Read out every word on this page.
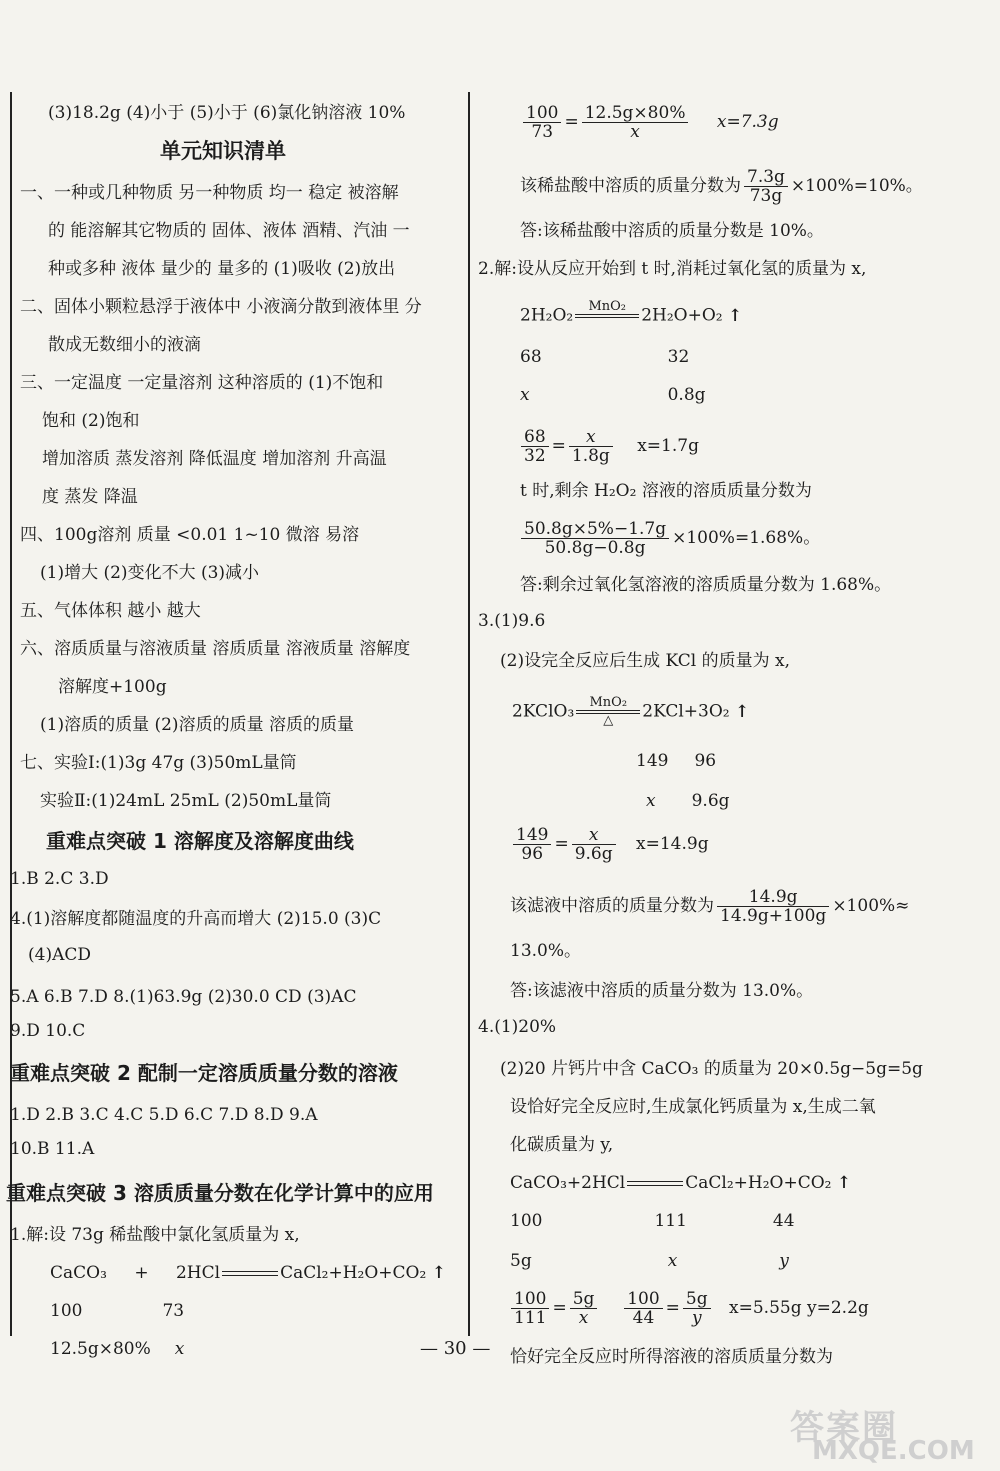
(3)18.2g (4)小于 (5)小于 (6)氯化钠溶液 10%
单元知识清单
一、一种或几种物质 另一种物质 均一 稳定 被溶解
的 能溶解其它物质的 固体、液体 酒精、汽油 一
种或多种 液体 量少的 量多的 (1)吸收 (2)放出
二、固体小颗粒悬浮于液体中 小液滴分散到液体里 分
散成无数细小的液滴
三、一定温度 一定量溶剂 这种溶质的 (1)不饱和
饱和 (2)饱和
增加溶质 蒸发溶剂 降低温度 增加溶剂 升高温
度 蒸发 降温
四、100g溶剂 质量 <0.01 1~10 微溶 易溶
(1)增大 (2)变化不大 (3)减小
五、气体体积 越小 越大
六、溶质质量与溶液质量 溶质质量 溶液质量 溶解度
溶解度+100g
(1)溶质的质量 (2)溶质的质量 溶质的质量
七、实验Ⅰ:(1)3g 47g (3)50mL量筒
实验Ⅱ:(1)24mL 25mL (2)50mL量筒
重难点突破 1 溶解度及溶解度曲线
1.B 2.C 3.D
4.(1)溶解度都随温度的升高而增大 (2)15.0 (3)C
(4)ACD
5.A 6.B 7.D 8.(1)63.9g (2)30.0 CD (3)AC
9.D 10.C
重难点突破 2 配制一定溶质质量分数的溶液
1.D 2.B 3.C 4.C 5.D 6.C 7.D 8.D 9.A
10.B 11.A
重难点突破 3 溶质质量分数在化学计算中的应用
1.解:设 73g 稀盐酸中氯化氢质量为 x,
CaCO₃ + 2HCl	CaCl₂+H₂O+CO₂ ↑
100	73
12.5g×80% x
$\frac{100}{73} = \frac{12.5g\times 80\%}{x} x=7.3g$
该稀盐酸中溶质的质量分数为 $\frac{7.3g}{73g} \times 100\%=10\%$。
答:该稀盐酸中溶质的质量分数是 10%。
2.解:设从反应开始到 t 时,消耗过氧化氢的质量为 x,
2H₂O₂	MnO₂ 2H₂O+O₂ ↑
68	32
x	0.8g
$\frac{68}{32} = \frac{x}{1.8g} x=1.7g$
t 时,剩余 H₂O₂ 溶液的溶质质量分数为
$\frac{50.8g\times 5\%-1.7g}{50.8g-0.8g} \times 100\%=1.68\%$。
答:剩余过氧化氢溶液的溶质质量分数为 1.68%。
3.(1)9.6
(2)设完全反应后生成 KCl 的质量为 x,
2KClO₃	MnO₂
△	2KCl+3O₂ ↑
149 96
x 9.6g
$\frac{149}{96} = \frac{x}{9.6g} x=14.9g$
该滤液中溶质的质量分数为 $\frac{14.9g}{14.9g+100g} \times 100\%\approx$
13.0%。
答:该滤液中溶质的质量分数为 13.0%。
4.(1)20%
(2)20 片钙片中含 CaCO₃ 的质量为 20×0.5g−5g=5g
设恰好完全反应时,生成氯化钙质量为 x,生成二氧
化碳质量为 y,
CaCO₃+2HCl	CaCl₂+H₂O+CO₂ ↑
100	111	44
5g	x	y
$\frac{100}{111} = \frac{5g}{x}$
$\frac{100}{44} = \frac{5g}{y} x=5.55g$ y=2.2g
恰好完全反应时所得溶液的溶质质量分数为
— 30 —
答案圈
MXQE.COM
